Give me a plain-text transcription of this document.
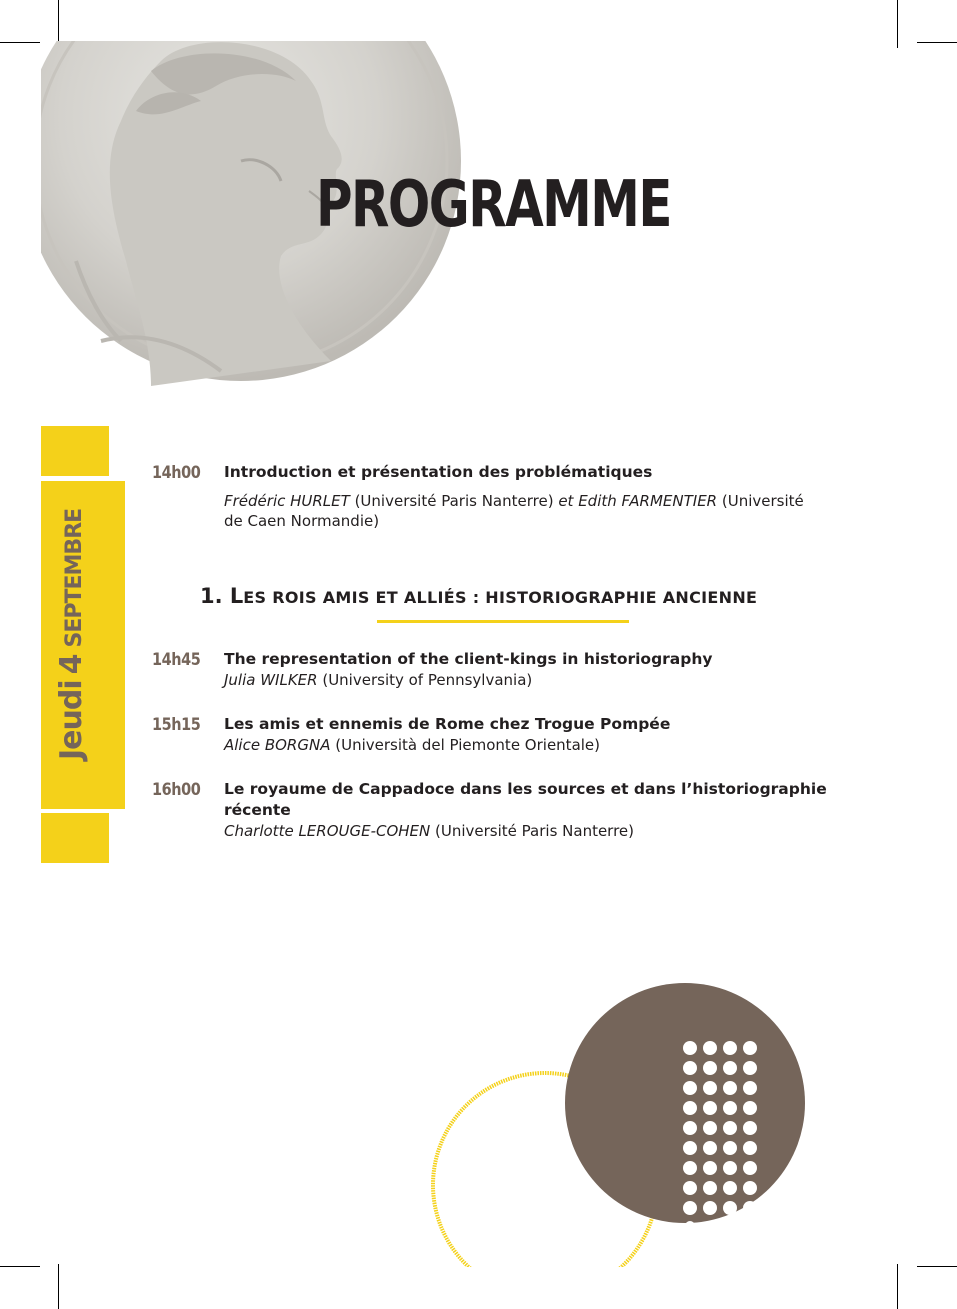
PROGRAMME
Jeudi4SEPTEMBRE
14h00 Introduction et présentation des problématiques
Frédéric HURLET (Université Paris Nanterre) et Edith FARMENTIER (Université
de Caen Normandie)
1. LES ROIS AMIS ET ALLIÉS : HISTORIOGRAPHIE ANCIENNE
14h45 The representation of the client-kings in historiography
Julia WILKER (University of Pennsylvania)
15h15 Les amis et ennemis de Rome chez Trogue Pompée
Alice BORGNA (Università del Piemonte Orientale)
16h00 Le royaume de Cappadoce dans les sources et dans l’historiographie récente
Charlotte LEROUGE-COHEN (Université Paris Nanterre)
